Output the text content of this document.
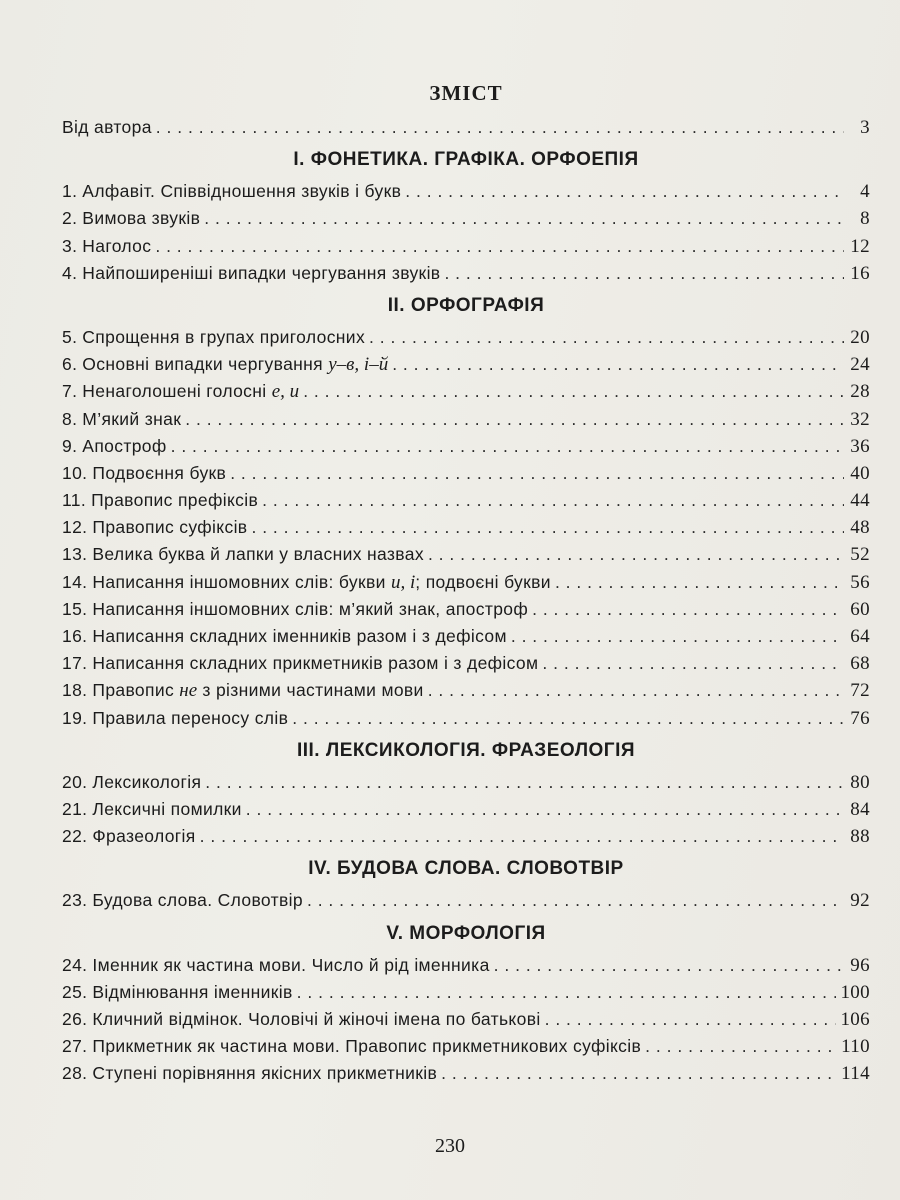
ЗМІСТ
Від автора . . .	3
І. ФОНЕТИКА. ГРАФІКА. ОРФОЕПІЯ
1. Алфавіт. Співвідношення звуків і букв . . .	4
2. Вимова звуків . . .	8
3. Наголос . . .	12
4. Найпоширеніші випадки чергування звуків . . .	16
ІІ. ОРФОГРАФІЯ
5. Спрощення в групах приголосних . . .	20
6. Основні випадки чергування у–в, і–й . . .	24
7. Ненаголошені голосні е, и . . .	28
8. М’який знак . . .	32
9. Апостроф . . .	36
10. Подвоєння букв . . .	40
11. Правопис префіксів . . .	44
12. Правопис суфіксів . . .	48
13. Велика буква й лапки у власних назвах . . .	52
14. Написання іншомовних слів: букви и, і; подвоєні букви . . .	56
15. Написання іншомовних слів: м’який знак, апостроф . . .	60
16. Написання складних іменників разом і з дефісом . . .	64
17. Написання складних прикметників разом і з дефісом . . .	68
18. Правопис не з різними частинами мови . . .	72
19. Правила переносу слів . . .	76
ІІІ. ЛЕКСИКОЛОГІЯ. ФРАЗЕОЛОГІЯ
20. Лексикологія . . .	80
21. Лексичні помилки . . .	84
22. Фразеологія . . .	88
IV. БУДОВА СЛОВА. СЛОВОТВІР
23. Будова слова. Словотвір . . .	92
V. МОРФОЛОГІЯ
24. Іменник як частина мови. Число й рід іменника . . .	96
25. Відмінювання іменників . . .	100
26. Кличний відмінок. Чоловічі й жіночі імена по батькові . . .	106
27. Прикметник як частина мови. Правопис прикметникових суфіксів . . .	110
28. Ступені порівняння якісних прикметників . . .	114
230
